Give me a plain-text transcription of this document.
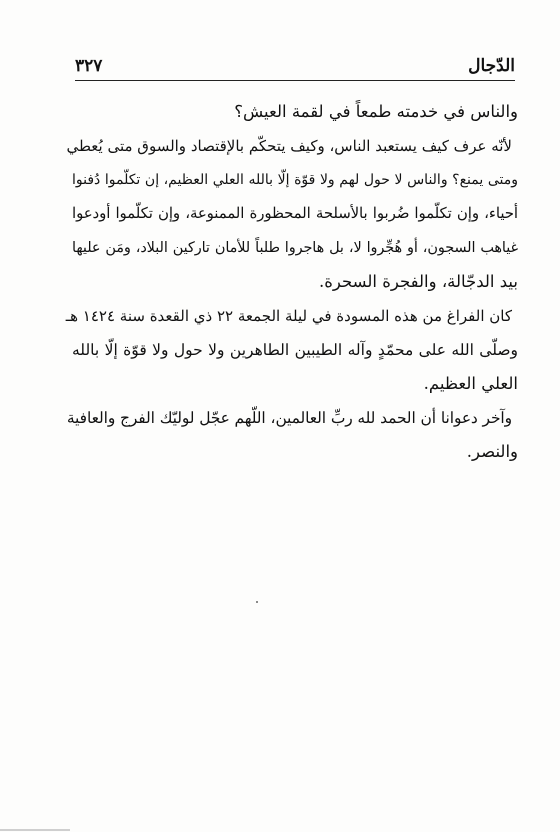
الدّجال
٣٢٧
والناس في خدمته طمعاً في لقمة العيش؟
لأنّه عرف كيف يستعبد الناس، وكيف يتحكّم بالإقتصاد والسوق متى يُعطي
ومتى يمنع؟ والناس لا حول لهم ولا قوّة إلّا بالله العلي العظيم، إن تكلّموا دُفنوا
أحياء، وإن تكلّموا ضُربوا بالأسلحة المحظورة الممنوعة، وإن تكلّموا أودعوا
غياهب السجون، أو هُجِّروا لا، بل هاجروا طلباً للأمان تاركين البلاد، ومَن عليها
بيد الدجّالة، والفجرة السحرة.
كان الفراغ من هذه المسودة في ليلة الجمعة ٢٢ ذي القعدة سنة ١٤٢٤ هـ
وصلّى الله على محمّدٍ وآله الطيبين الطاهرين ولا حول ولا قوّة إلّا بالله
العلي العظيم.
وآخر دعوانا أن الحمد لله ربِّ العالمين، اللّهم عجّل لوليّك الفرج والعافية
والنصر.
